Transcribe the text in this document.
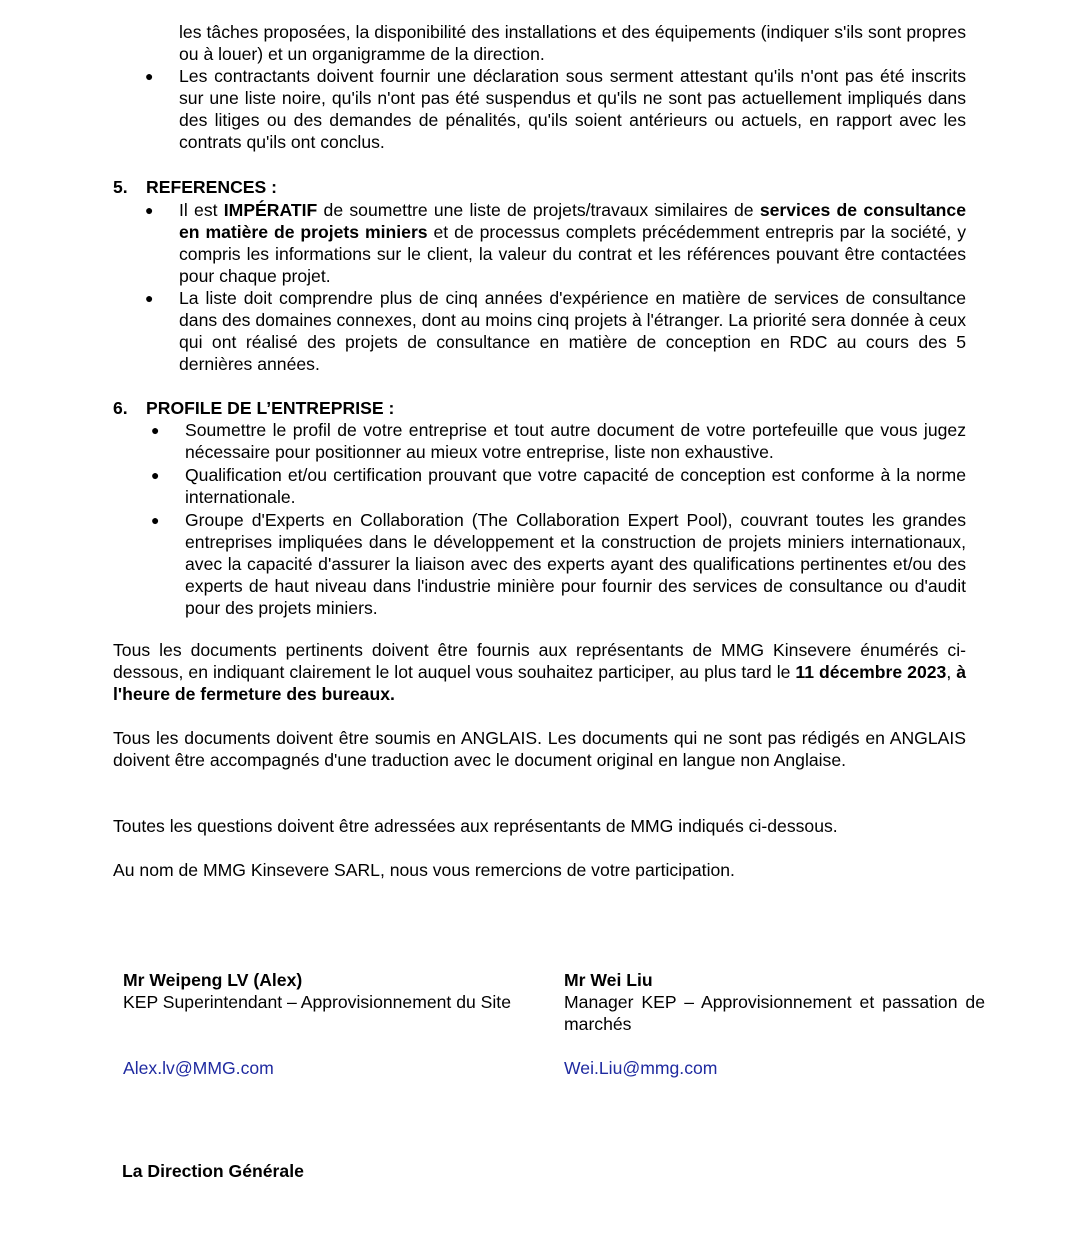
les tâches proposées, la disponibilité des installations et des équipements (indiquer s'ils sont propres ou à louer) et un organigramme de la direction.
● Les contractants doivent fournir une déclaration sous serment attestant qu'ils n'ont pas été inscrits sur une liste noire, qu'ils n'ont pas été suspendus et qu'ils ne sont pas actuellement impliqués dans des litiges ou des demandes de pénalités, qu'ils soient antérieurs ou actuels, en rapport avec les contrats qu'ils ont conclus.
5. REFERENCES :
● Il est IMPÉRATIF de soumettre une liste de projets/travaux similaires de services de consultance en matière de projets miniers et de processus complets précédemment entrepris par la société, y compris les informations sur le client, la valeur du contrat et les références pouvant être contactées pour chaque projet.
● La liste doit comprendre plus de cinq années d'expérience en matière de services de consultance dans des domaines connexes, dont au moins cinq projets à l'étranger. La priorité sera donnée à ceux qui ont réalisé des projets de consultance en matière de conception en RDC au cours des 5 dernières années.
6. PROFILE DE L’ENTREPRISE :
● Soumettre le profil de votre entreprise et tout autre document de votre portefeuille que vous jugez nécessaire pour positionner au mieux votre entreprise, liste non exhaustive.
● Qualification et/ou certification prouvant que votre capacité de conception est conforme à la norme internationale.
● Groupe d'Experts en Collaboration (The Collaboration Expert Pool), couvrant toutes les grandes entreprises impliquées dans le développement et la construction de projets miniers internationaux, avec la capacité d'assurer la liaison avec des experts ayant des qualifications pertinentes et/ou des experts de haut niveau dans l'industrie minière pour fournir des services de consultance ou d'audit pour des projets miniers.
Tous les documents pertinents doivent être fournis aux représentants de MMG Kinsevere énumérés ci-dessous, en indiquant clairement le lot auquel vous souhaitez participer, au plus tard le 11 décembre 2023, à l'heure de fermeture des bureaux.
Tous les documents doivent être soumis en ANGLAIS. Les documents qui ne sont pas rédigés en ANGLAIS doivent être accompagnés d'une traduction avec le document original en langue non Anglaise.
Toutes les questions doivent être adressées aux représentants de MMG indiqués ci-dessous.
Au nom de MMG Kinsevere SARL, nous vous remercions de votre participation.
Mr Weipeng LV (Alex)
KEP Superintendant – Approvisionnement du Site
Alex.lv@MMG.com
Mr Wei Liu
Manager KEP – Approvisionnement et passation de marchés
Wei.Liu@mmg.com
La Direction Générale
